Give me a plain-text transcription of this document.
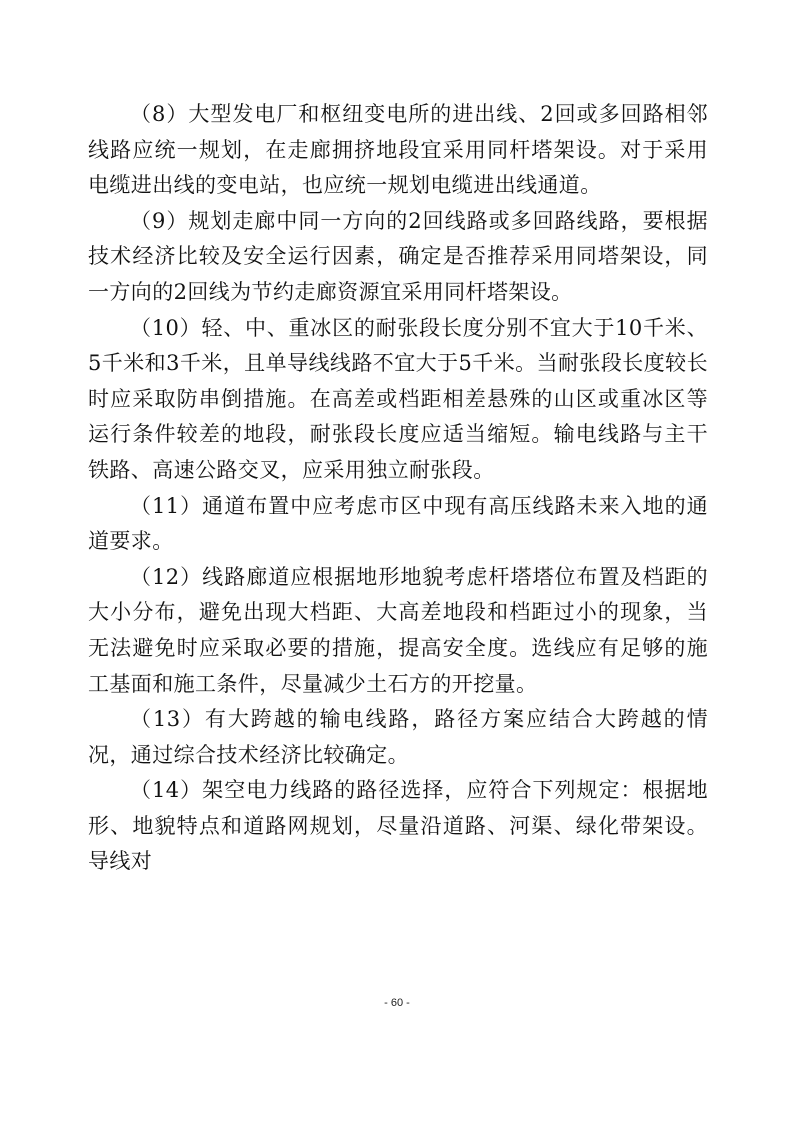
（8）大型发电厂和枢纽变电所的进出线、2回或多回路相邻线路应统一规划，在走廊拥挤地段宜采用同杆塔架设。对于采用电缆进出线的变电站，也应统一规划电缆进出线通道。

（9）规划走廊中同一方向的2回线路或多回路线路，要根据技术经济比较及安全运行因素，确定是否推荐采用同塔架设，同一方向的2回线为节约走廊资源宜采用同杆塔架设。

（10）轻、中、重冰区的耐张段长度分别不宜大于10千米、5千米和3千米，且单导线线路不宜大于5千米。当耐张段长度较长时应采取防串倒措施。在高差或档距相差悬殊的山区或重冰区等运行条件较差的地段，耐张段长度应适当缩短。输电线路与主干铁路、高速公路交叉，应采用独立耐张段。

（11）通道布置中应考虑市区中现有高压线路未来入地的通道要求。

（12）线路廊道应根据地形地貌考虑杆塔塔位布置及档距的大小分布，避免出现大档距、大高差地段和档距过小的现象，当无法避免时应采取必要的措施，提高安全度。选线应有足够的施工基面和施工条件，尽量减少土石方的开挖量。

（13）有大跨越的输电线路，路径方案应结合大跨越的情况，通过综合技术经济比较确定。

（14）架空电力线路的路径选择，应符合下列规定：根据地形、地貌特点和道路网规划，尽量沿道路、河渠、绿化带架设。导线对

- 60 -
